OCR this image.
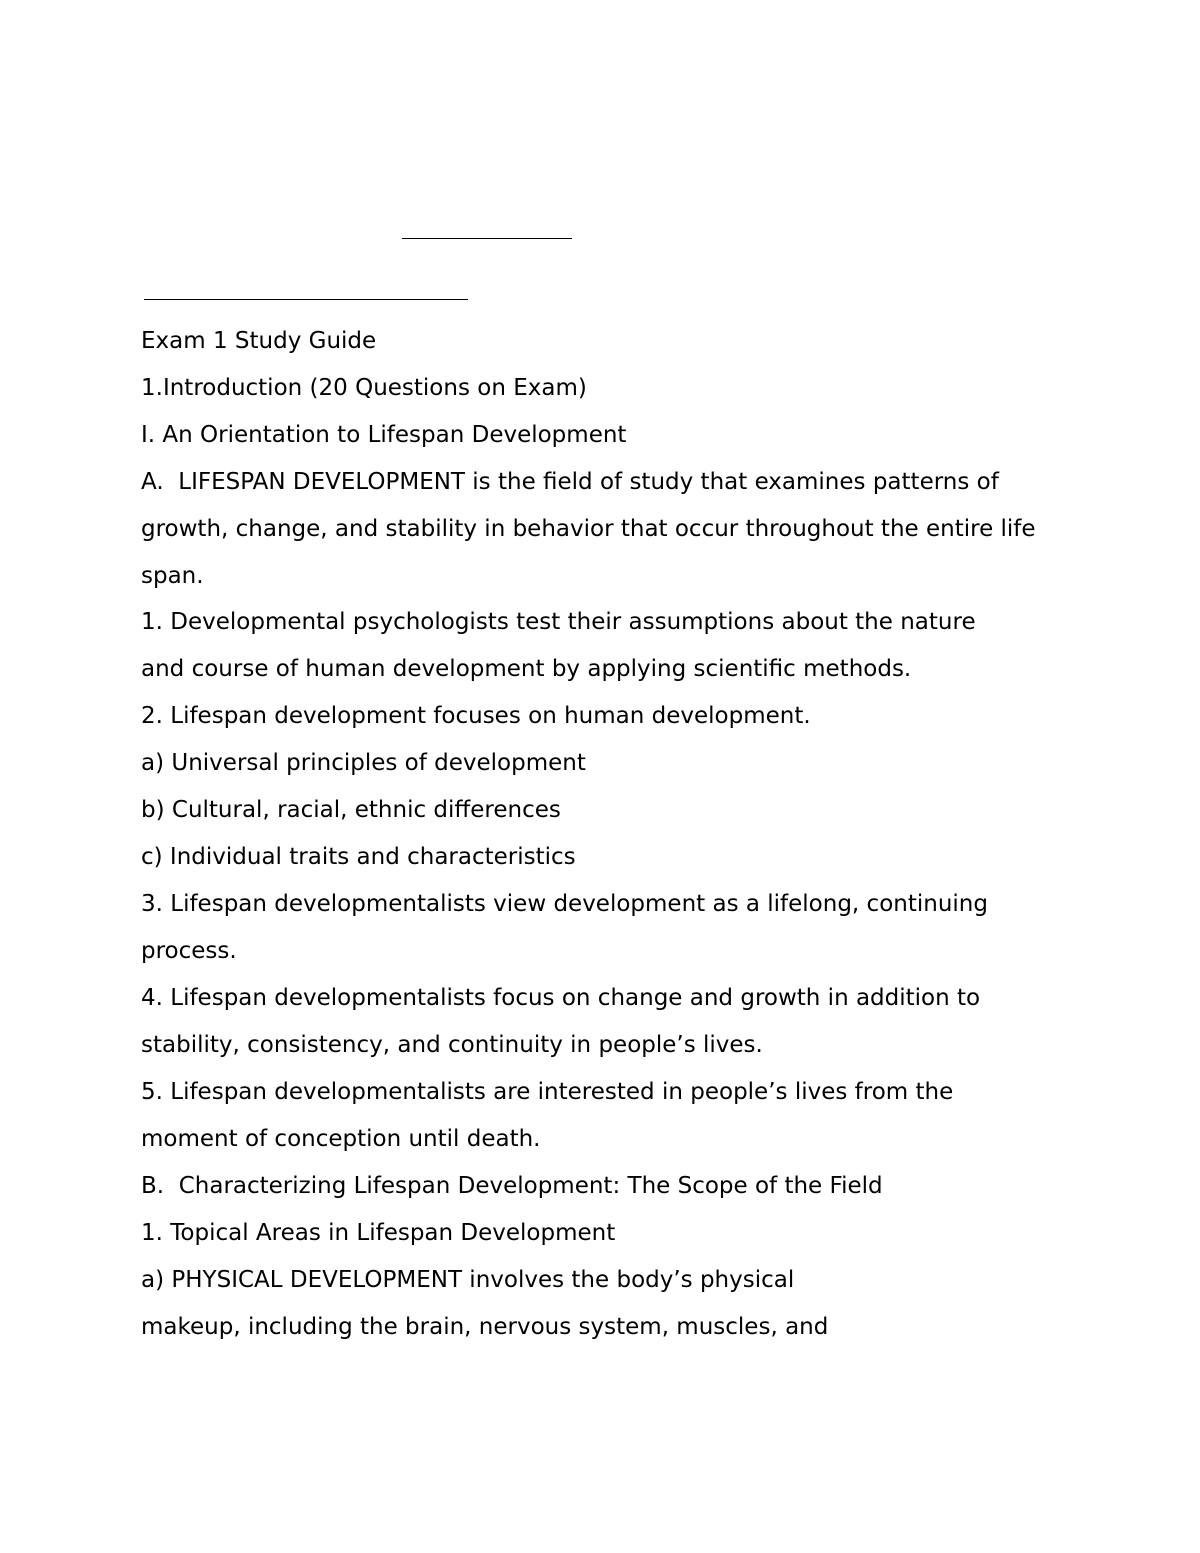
Exam 1 Study Guide

1.Introduction (20 Questions on Exam)

I. An Orientation to Lifespan Development

A.  LIFESPAN DEVELOPMENT is the field of study that examines patterns of

growth, change, and stability in behavior that occur throughout the entire life

span.

1. Developmental psychologists test their assumptions about the nature

and course of human development by applying scientific methods.

2. Lifespan development focuses on human development.

a) Universal principles of development

b) Cultural, racial, ethnic differences

c) Individual traits and characteristics

3. Lifespan developmentalists view development as a lifelong, continuing

process.

4. Lifespan developmentalists focus on change and growth in addition to

stability, consistency, and continuity in people’s lives.

5. Lifespan developmentalists are interested in people’s lives from the

moment of conception until death.

B.  Characterizing Lifespan Development: The Scope of the Field

1. Topical Areas in Lifespan Development

a) PHYSICAL DEVELOPMENT involves the body’s physical

makeup, including the brain, nervous system, muscles, and
